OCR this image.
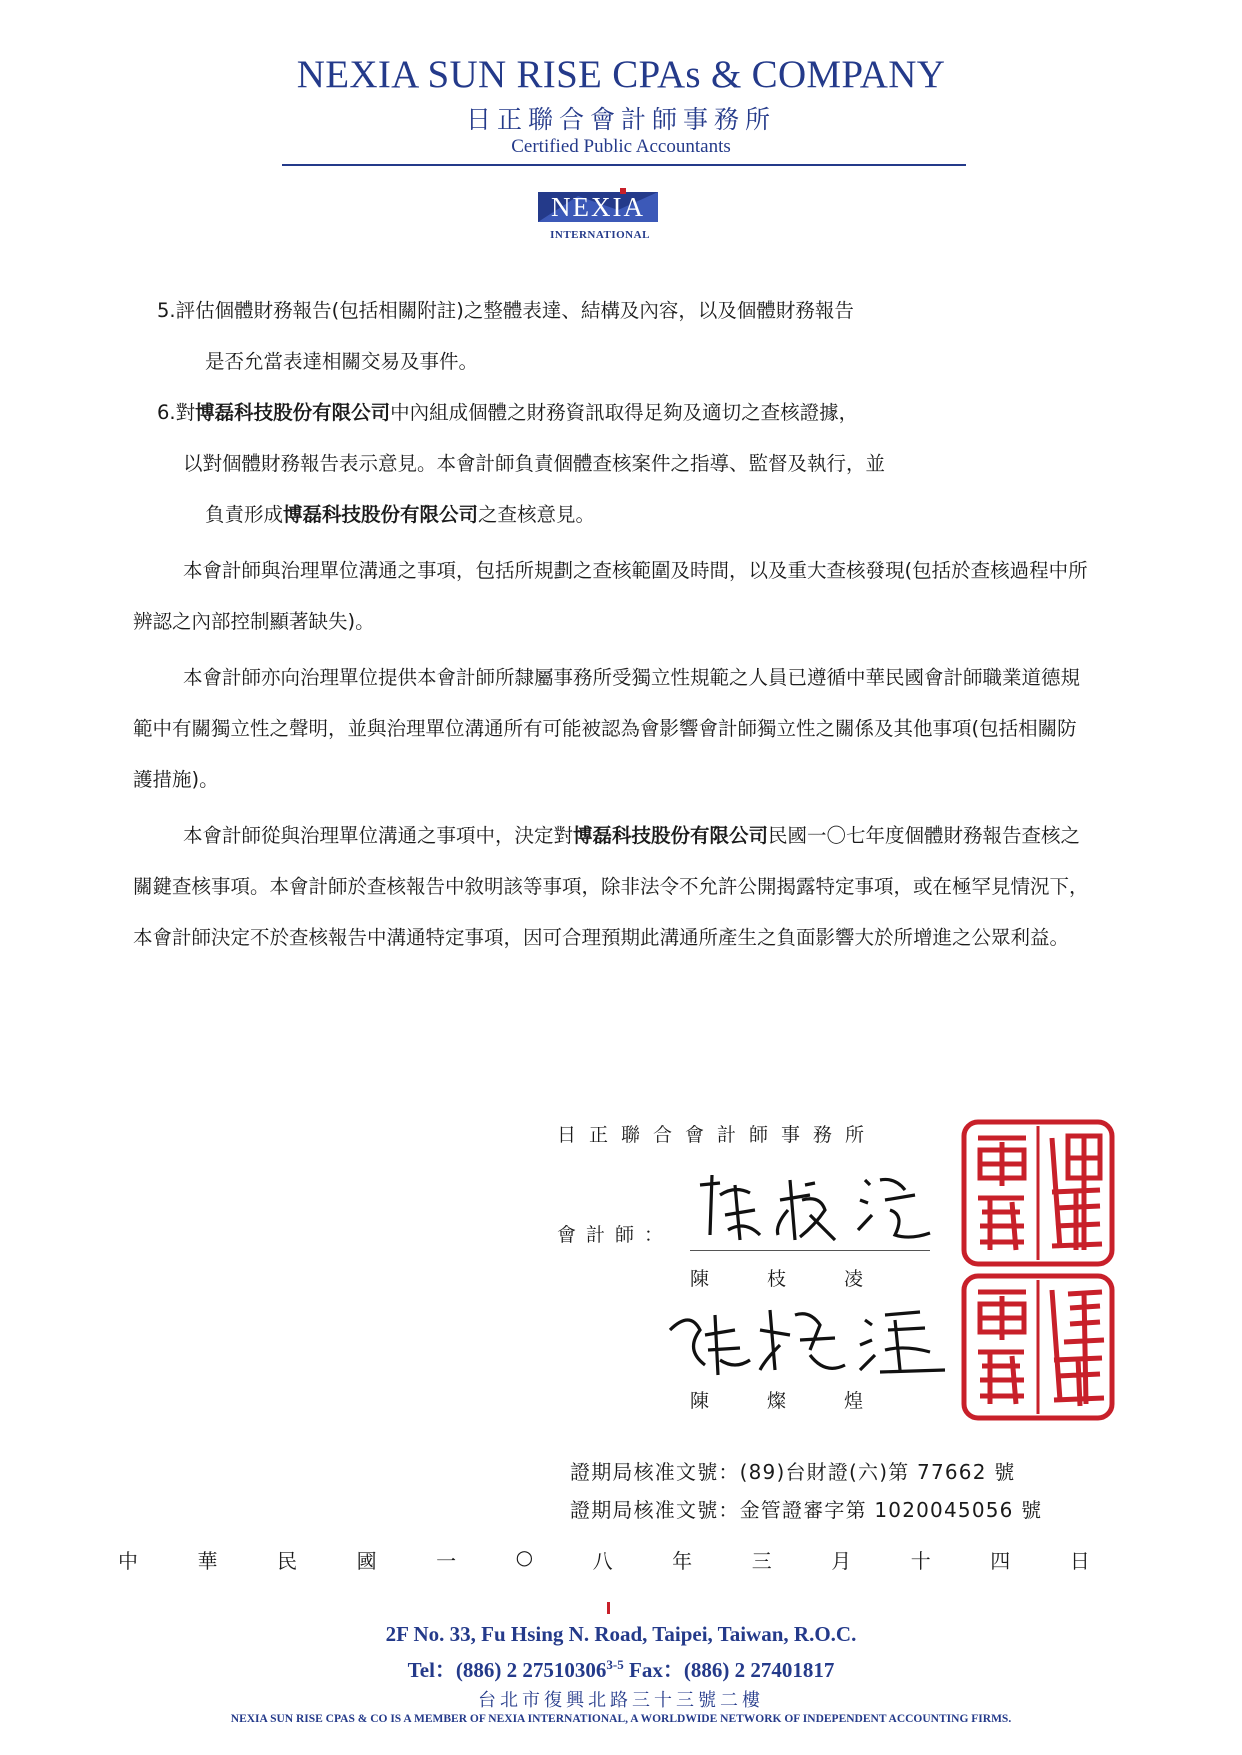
NEXIA SUN RISE CPAs & COMPANY
日正聯合會計師事務所
Certified Public Accountants
NEXIA
INTERNATIONAL
5.評估個體財務報告(包括相關附註)之整體表達、結構及內容，以及個體財務報告
是否允當表達相關交易及事件。
6.對博磊科技股份有限公司中內組成個體之財務資訊取得足夠及適切之查核證據，
以對個體財務報告表示意見。本會計師負責個體查核案件之指導、監督及執行，並
負責形成博磊科技股份有限公司之查核意見。

本會計師與治理單位溝通之事項，包括所規劃之查核範圍及時間，以及重大查核發現(包括於查核過程中所辨認之內部控制顯著缺失)。

本會計師亦向治理單位提供本會計師所隸屬事務所受獨立性規範之人員已遵循中華民國會計師職業道德規範中有關獨立性之聲明，並與治理單位溝通所有可能被認為會影響會計師獨立性之關係及其他事項(包括相關防護措施)。

本會計師從與治理單位溝通之事項中，決定對博磊科技股份有限公司民國一〇七年度個體財務報告查核之關鍵查核事項。本會計師於查核報告中敘明該等事項，除非法令不允許公開揭露特定事項，或在極罕見情況下，本會計師決定不於查核報告中溝通特定事項，因可合理預期此溝通所產生之負面影響大於所增進之公眾利益。

日正聯合會計師事務所
會計師：
陳枝凌
陳燦煌
證期局核准文號：(89)台財證(六)第 77662 號
證期局核准文號：金管證審字第 1020045056 號
中	華	民	國	一	○	八	年	三	月	十	四	日
2F No. 33, Fu Hsing N. Road, Taipei, Taiwan, R.O.C.
Tel：(886) 2 27510306$^{3-5}$ Fax：(886) 2 27401817
台北市復興北路三十三號二樓
NEXIA SUN RISE CPAS & CO IS A MEMBER OF NEXIA INTERNATIONAL, A WORLDWIDE NETWORK OF INDEPENDENT ACCOUNTING FIRMS.
